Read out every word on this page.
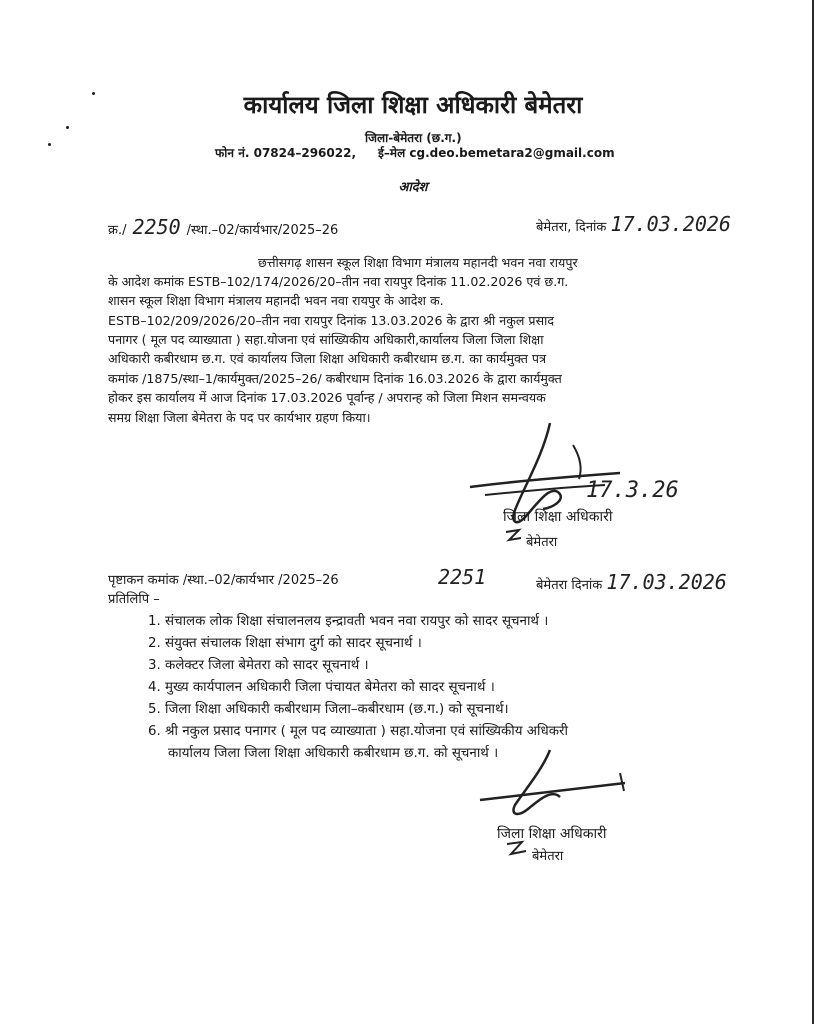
कार्यालय जिला शिक्षा अधिकारी बेमेतरा
जिला-बेमेतरा (छ.ग.)
फोन नं. 07824–296022, ई–मेल cg.deo.bemetara2@gmail.com
आदेश
क्र./ 2250 /स्था.–02/कार्यभार/2025–26	बेमेतरा, दिनांक 17.03.2026
छत्तीसगढ़ शासन स्कूल शिक्षा विभाग मंत्रालय महानदी भवन नवा रायपुर
के आदेश कमांक ESTB–102/174/2026/20–तीन नवा रायपुर दिनांक 11.02.2026 एवं छ.ग.
शासन स्कूल शिक्षा विभाग मंत्रालय महानदी भवन नवा रायपुर के आदेश क.
ESTB–102/209/2026/20–तीन नवा रायपुर दिनांक 13.03.2026 के द्वारा श्री नकुल प्रसाद
पनागर ( मूल पद व्याख्याता ) सहा.योजना एवं सांख्यिकीय अधिकारी,कार्यालय जिला जिला शिक्षा
अधिकारी कबीरधाम छ.ग. एवं कार्यालय जिला शिक्षा अधिकारी कबीरधाम छ.ग. का कार्यमुक्त पत्र
कमांक /1875/स्था–1/कार्यमुक्त/2025–26/ कबीरधाम दिनांक 16.03.2026 के द्वारा कार्यमुक्त
होकर इस कार्यालय में आज दिनांक 17.03.2026 पूर्वान्ह / अपरान्ह को जिला मिशन समन्वयक
समग्र शिक्षा जिला बेमेतरा के पद पर कार्यभार ग्रहण किया।
17.3.26
जिला शिक्षा अधिकारी
बेमेतरा
पृष्टाकन कमांक /स्था.–02/कार्यभार /2025–26	2251	बेमेतरा दिनांक 17.03.2026
प्रतिलिपि –
1. संचालक लोक शिक्षा संचालनलय इन्द्रावती भवन नवा रायपुर को सादर सूचनार्थ ।
2. संयुक्त संचालक शिक्षा संभाग दुर्ग को सादर सूचनार्थ ।
3. कलेक्टर जिला बेमेतरा को सादर सूचनार्थ ।
4. मुख्य कार्यपालन अधिकारी जिला पंचायत बेमेतरा को सादर सूचनार्थ ।
5. जिला शिक्षा अधिकारी कबीरधाम जिला–कबीरधाम (छ.ग.) को सूचनार्थ।
6. श्री नकुल प्रसाद पनागर ( मूल पद व्याख्याता ) सहा.योजना एवं सांख्यिकीय अधिकरी
कार्यालय जिला जिला शिक्षा अधिकारी कबीरधाम छ.ग. को सूचनार्थ ।
जिला शिक्षा अधिकारी
बेमेतरा
